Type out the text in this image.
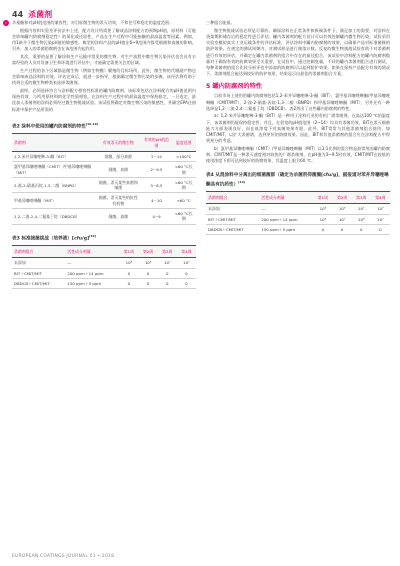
44 杀菌剂
›	辛基酯和对pH值范围的兼容性，对目标微生物的杀灭功效，不和苍号和稳定的温度范围。

根据内容和实验室评价法中上述，配方设计所需要了解或品涂料配方的预期pH值，原材料（可能会影响罐内防腐剂稳定性）的氧化或还原性，产品在生产过程中可能接触的最高温度等因素。例如，用1新介于微生物污染pH值的敏感性。典型的涂料产品的pH值在6~9范围内都受细菌和真菌的影响，另外，加入的杀菌防腐剂也在该范围内起作用。

其次，重要的是要了解涂料生产运输中常见的微生物，对生产流程中微生物污染评估也会具有丰富经验的人员对设备卫生和环境进行评估中，才能确定需要关注的区域。

生产过程的各个区域都是微生物（例如生物膜）繁殖的目标场所，此外，微生物的代谢副产物也会影响成品涂料的功效，评估完成后，就进一步指导，根据确定微生物污染的步骤，该评估将有助于找到合适的微生物种类来选择杀菌剂。

最终，必须选择符合与涂料配方相容性标准的罐内防腐剂。该标准包括在涂料配方的pH值范围内保持有效，与所用原材料的化学性质相容，在涂料生产过程中的最高温度中保持稳定，一旦选定，最佳加入杀菌剂的涂料必须经过微生物挑战试验。该试验将确定对微生物污染的敏感性，并确定EPA注册标准中保护产品所需的

表2 涂料中使用的罐内防腐剂的特性[16-18]
杀菌剂	有效杀灭的微生物	有效的pH值范围	温度范围
1,2-苯并异噻唑啉-3-酮（BIT）	细菌，部分真菌	2~14	<100°C
氯甲基异噻唑啉酮（CMIT）/甲基异噻唑啉酮（MIT）	细菌，真菌	2~9.5	<60 °C长期
2-溴-2-硝基丙烷-1,3-二醇（BNPD）	细菌，杀灭某些真菌和细菌	5~8.5	<60 °C长期
甲基异噻唑啉酮（MIT）	细菌，杀灭某些的抗性有机物	4~10	<60 °C
1,2-二溴-2,4-二氰基丁烷（DBDCB）	细菌，真菌	4~9	<60 °C长期
表3 标准接菌挑战（培养液）[cfu/g][19]
杀菌剂组合	活性成分剂量	第1周	第2周	第3周	第4周
未添加	—	10⁶	10⁶	10⁷	10⁷
BIT＋CMIT/MIT	200 ppm＋14 ppm	0	0	0	0
DBDCB＋CMIT/MIT	150 ppm＋5 ppm	0	0	0	0

三种组合能最。

微生物挑战试验必须是可靠的，确保涂料在正常条件和极端条件下，满足加工的需要，对涂料在货架期和储存后的稳定性进行评估。罐内杀菌剂的配方设计可以有效控制罐内微生物污染。试验采用实验室模拟真实工业运输条件的评估标准，评估涂料中罐内防腐剂的效果，以确保产品对标准菌株的防护效果。在规定的测试周期内，对测试样品进行菌落计数。反复的微生物挑战试验有助于对杀菌剂进行有效的评估，并确定在罐内杀菌剂的组合中存在的最佳组合，该试验中涂料配方的罐内防腐剂数量对于确保有效的防腐效果至关重要，在试验中，通过控制变量，不同的罐内杀菌剂组合进行测试，每种杀菌剂的组合比较分析评估中添加的防腐剂可以起到防护效果。如果在保持产品配方有效的情况下，杀菌剂组合能达到较好的防护效果，结果显示出最佳的杀菌剂组合方案。

5 罐内防腐剂的特性

目前市场上使用的罐内防腐剂包括1,2-苯并异噻唑啉-3-酮（BIT）、氯甲基异噻唑啉酮/甲基异噻唑啉酮（CMIT/MIT）、2-溴-2-硝基-丙烷-1,3-二醇（BNPD）和甲基异噻唑啉酮（MIT），另外还有一种选择是1,2-二溴-2,4-二氰基丁烷（DBDCB）。表2列出了这些罐内防腐剂的特性。

a）1,2-苯并异噻唑啉-3-酮（BIT）是一种用于涂料行业的有机广谱杀菌剂，在高达100 ℃的温度下，该杀菌剂仍能保持稳定性，并且，在很宽的pH值范围（2~14）均具有杀菌功效，BIT在杀灭细菌能力方面表现良好，而在低浓度下对真菌效果有限。此外，BIT常常与其他杀菌剂组合使用，如CMIT/MIT，以扩大杀菌谱，达到更好的防腐效果。因此，BIT和其他杀菌剂的组合应在涂料配方中得到充分的考虑。

b）氯甲基异噻唑啉酮（CMIT）/甲基异噻唑啉酮（MIT）以3:1比例的混合物是最常用的罐内防腐剂。CMIT/MIT是一种杀灭速度相对较快的广谱杀菌剂，在pH值为3~9.5时有效，CMIT/MIT在较低的使用浓度下即可达到较好的防腐效果，其温度上限为60 ℃。

表4 从混涂料中分离出的细菌菌群（确定为杀菌剂抑菌圈[cfu/g]，据报道对苯并异噻唑啉酮具有抗药性）[19]
杀菌剂组合	活性成分剂量	第1周	第2周	第3周	第4周
未添加	—	10⁶	10⁶	10⁷	10⁷
BIT＋CMIT/MIT	200 ppm＋14 ppm	10⁶	10⁷	10⁶	10⁷
DBDCB＋CMIT/MIT	150 ppm＋5 ppm	0	0	0	0
EUROPEAN COATINGS JOURNAL 01 • 2018
